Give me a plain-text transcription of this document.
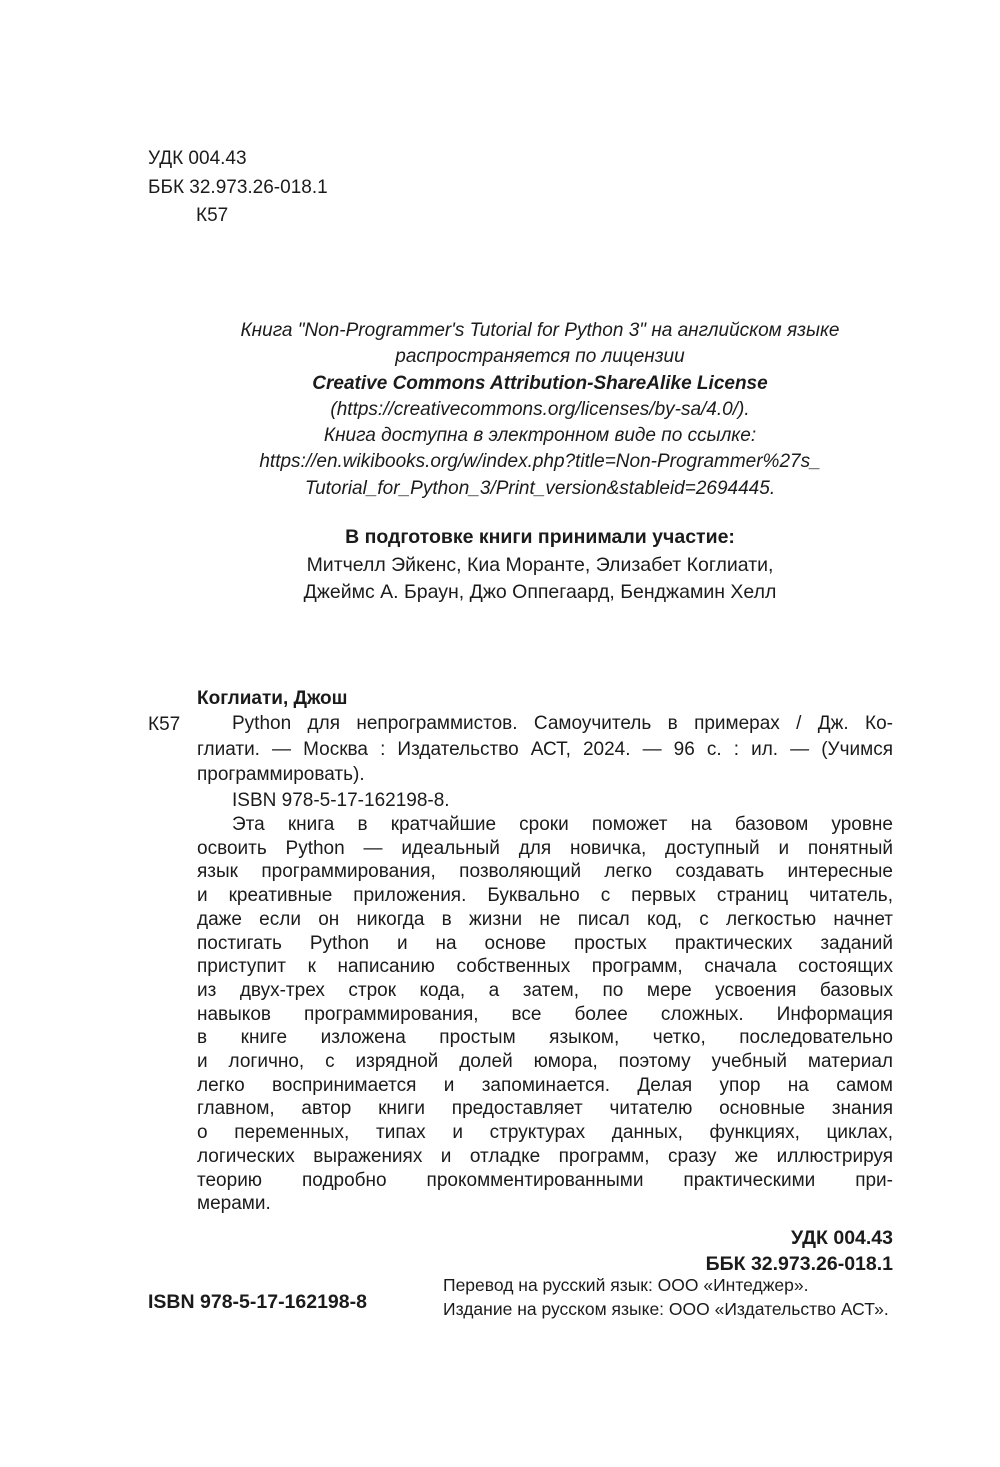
УДК 004.43
ББК 32.973.26-018.1
К57
Книга "Non-Programmer's Tutorial for Python 3" на английском языке
распространяется по лицензии
Creative Commons Attribution-ShareAlike License
(https://creativecommons.org/licenses/by-sa/4.0/).
Книга доступна в электронном виде по ссылке:
https://en.wikibooks.org/w/index.php?title=Non-Programmer%27s_
Tutorial_for_Python_3/Print_version&stableid=2694445.
В подготовке книги принимали участие:
Митчелл Эйкенс, Киа Моранте, Элизабет Коглиати,
Джеймс А. Браун, Джо Оппегаард, Бенджамин Хелл
К57
Коглиати, Джош
Python для непрограммистов. Самоучитель в примерах / Дж. Ко-
глиати. — Москва : Издательство АСТ, 2024. — 96 с. : ил. — (Учимся
программировать).
ISBN 978-5-17-162198-8.
Эта книга в кратчайшие сроки поможет на базовом уровне
освоить Python — идеальный для новичка, доступный и понятный
язык программирования, позволяющий легко создавать интересные
и креативные приложения. Буквально с первых страниц читатель,
даже если он никогда в жизни не писал код, с легкостью начнет
постигать Python и на основе простых практических заданий
приступит к написанию собственных программ, сначала состоящих
из двух-трех строк кода, а затем, по мере усвоения базовых
навыков программирования, все более сложных. Информация
в книге изложена простым языком, четко, последовательно
и логично, с изрядной долей юмора, поэтому учебный материал
легко воспринимается и запоминается. Делая упор на самом
главном, автор книги предоставляет читателю основные знания
о переменных, типах и структурах данных, функциях, циклах,
логических выражениях и отладке программ, сразу же иллюстрируя
теорию подробно прокомментированными практическими при-
мерами.
УДК 004.43
ББК 32.973.26-018.1
ISBN 978-5-17-162198-8
Перевод на русский язык: ООО «Интеджер».
Издание на русском языке: ООО «Издательство АСТ».
